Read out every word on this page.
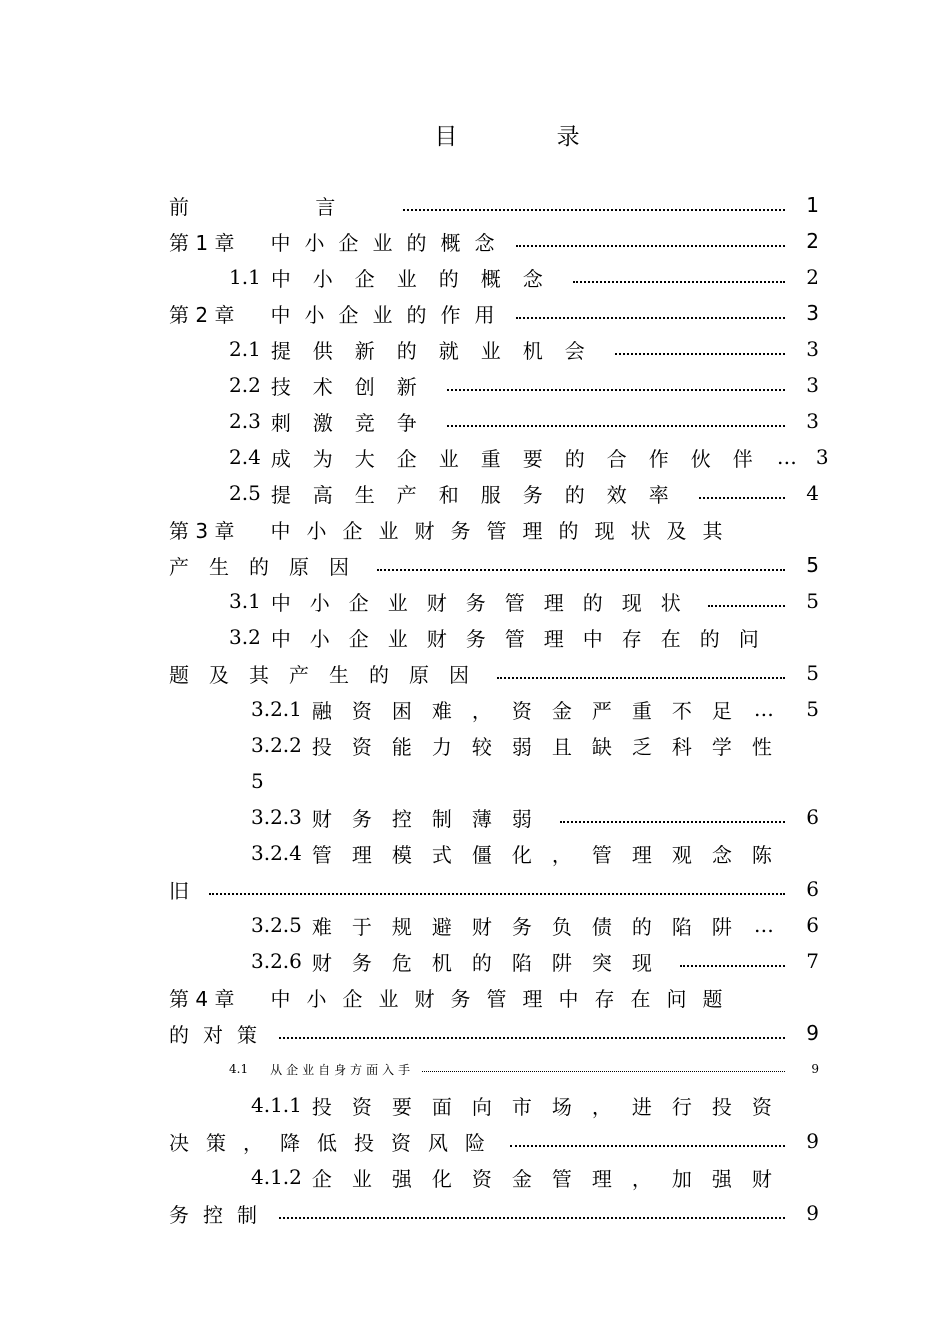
目 录
前 言	1
第 1 章 中小企业的概念	2
1.1 中小企业的概念	2
第 2 章 中小企业的作用	3
2.1 提供新的就业机会	3
2.2 技术创新	3
2.3 刺激竞争	3
2.4 成为大企业重要的合作伙伴 … 3
2.5 提高生产和服务的效率	4
第 3 章 中小企业财务管理的现状及其
产生的原因	5
3.1 中小企业财务管理的现状	5
3.2 中小企业财务管理中存在的问
题及其产生的原因	5
3.2.1 融资困难，资金严重不足 …	5
3.2.2 投资能力较弱且缺乏科学性
5
3.2.3 财务控制薄弱	6
3.2.4 管理模式僵化，管理观念陈
旧	6
3.2.5 难于规避财务负债的陷阱 …	6
3.2.6 财务危机的陷阱突现	7
第 4 章 中小企业财务管理中存在问题
的对策	9
4.1 从企业自身方面入手	9
4.1.1 投资要面向市场，进行投资
决策，降低投资风险	9
4.1.2 企业强化资金管理，加强财
务控制	9
